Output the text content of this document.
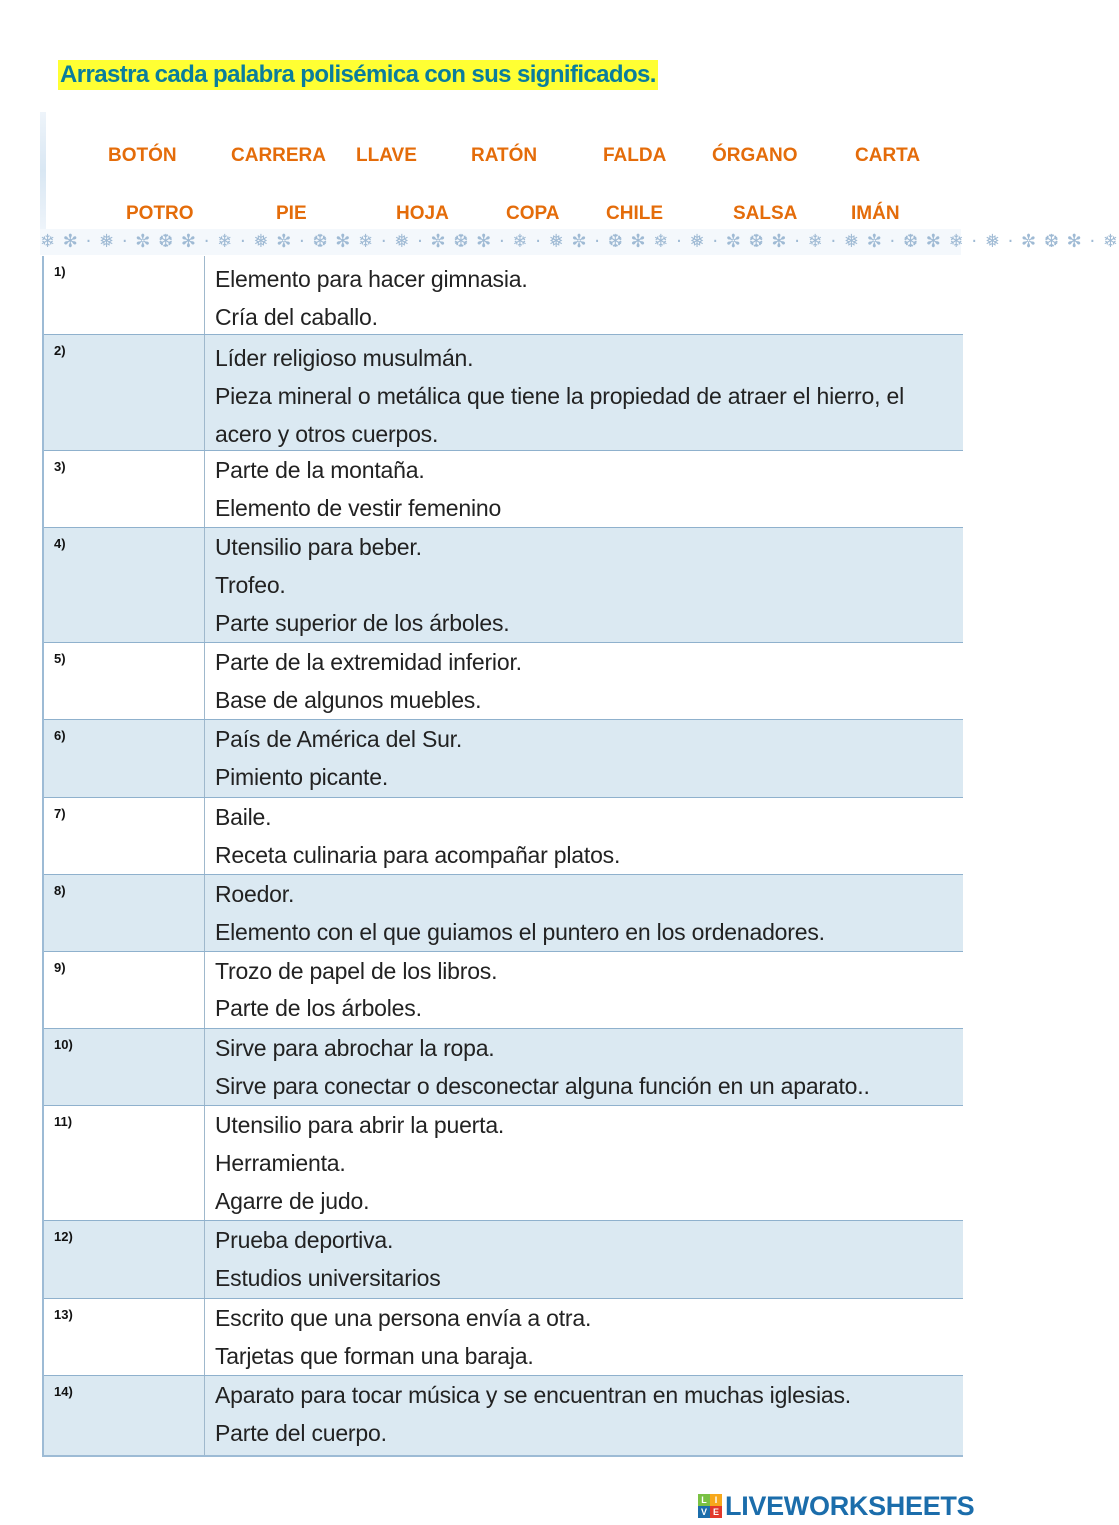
Arrastra cada palabra polisémica con sus significados.
BOTÓN	CARRERA LLAVE	RATÓN	FALDA ÓRGANO	CARTA
POTRO	PIE	HOJA	COPA CHILE	SALSA	IMÁN
❄ ✻ · ❅ · ✼ ❆ ✻ · ❄ · ❅ ✼ · ❆ ✻ ❄ · ❅ · ✼ ❆ ✻ · ❄ · ❅ ✼ · ❆ ✻ ❄ · ❅ · ✼ ❆ ✻ · ❄ · ❅ ✼ · ❆ ✻ ❄ · ❅ · ✼ ❆ ✻ · ❄
1)	Elemento para hacer gimnasia.
Cría del caballo.
2)	Líder religioso musulmán.
Pieza mineral o metálica que tiene la propiedad de atraer el hierro, el
acero y otros cuerpos.
3)	Parte de la montaña.
Elemento de vestir femenino
4)	Utensilio para beber.
Trofeo.
Parte superior de los árboles.
5)	Parte de la extremidad inferior.
Base de algunos muebles.
6)	País de América del Sur.
Pimiento picante.
7)	Baile.
Receta culinaria para acompañar platos.
8)	Roedor.
Elemento con el que guiamos el puntero en los ordenadores.
9)	Trozo de papel de los libros.
Parte de los árboles.
10)	Sirve para abrochar la ropa.
Sirve para conectar o desconectar alguna función en un aparato..
11)	Utensilio para abrir la puerta.
Herramienta.
Agarre de judo.
12)	Prueba deportiva.
Estudios universitarios
13)	Escrito que una persona envía a otra.
Tarjetas que forman una baraja.
14)	Aparato para tocar música y se encuentran en muchas iglesias.
Parte del cuerpo.
L I
V E LIVEWORKSHEETS
